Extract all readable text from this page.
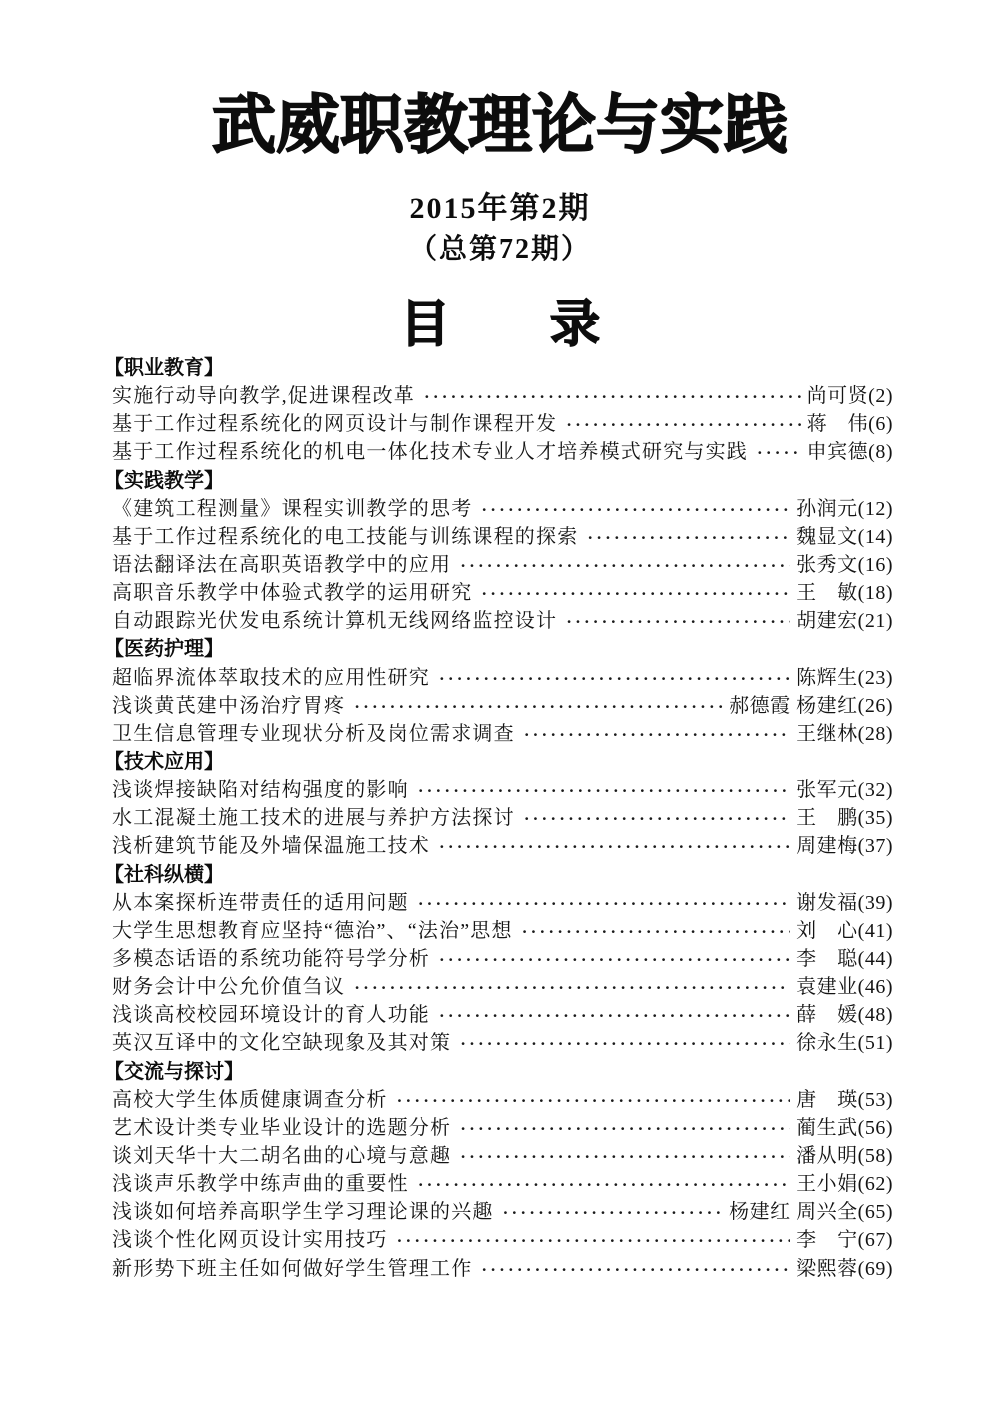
武威职教理论与实践
2015年第2期
（总第72期）
目　　录
【职业教育】
实施行动导向教学,促进课程改革 ·····	尚可贤 (2)
基于工作过程系统化的网页设计与制作课程开发 ·····	蒋　伟 (6)
基于工作过程系统化的机电一体化技术专业人才培养模式研究与实践 ·····	申宾德 (8)
【实践教学】
《建筑工程测量》课程实训教学的思考 ·····	孙润元 (12)
基于工作过程系统化的电工技能与训练课程的探索 ·····	魏显文 (14)
语法翻译法在高职英语教学中的应用 ·····	张秀文 (16)
高职音乐教学中体验式教学的运用研究 ·····	王　敏 (18)
自动跟踪光伏发电系统计算机无线网络监控设计 ·····	胡建宏 (21)
【医药护理】
超临界流体萃取技术的应用性研究 ·····	陈辉生 (23)
浅谈黄芪建中汤治疗胃疼 ·····	郝德霞 杨建红 (26)
卫生信息管理专业现状分析及岗位需求调查 ·····	王继林 (28)
【技术应用】
浅谈焊接缺陷对结构强度的影响 ·····	张军元 (32)
水工混凝土施工技术的进展与养护方法探讨 ·····	王　鹏 (35)
浅析建筑节能及外墙保温施工技术 ·····	周建梅 (37)
【社科纵横】
从本案探析连带责任的适用问题 ·····	谢发福 (39)
大学生思想教育应坚持“德治”、“法治”思想 ·····	刘　心 (41)
多模态话语的系统功能符号学分析 ·····	李　聪 (44)
财务会计中公允价值刍议 ·····	袁建业 (46)
浅谈高校校园环境设计的育人功能 ·····	薛　媛 (48)
英汉互译中的文化空缺现象及其对策 ·····	徐永生 (51)
【交流与探讨】
高校大学生体质健康调查分析 ·····	唐　瑛 (53)
艺术设计类专业毕业设计的选题分析 ·····	蔺生武 (56)
谈刘天华十大二胡名曲的心境与意趣 ·····	潘从明 (58)
浅谈声乐教学中练声曲的重要性 ·····	王小娟 (62)
浅谈如何培养高职学生学习理论课的兴趣 ·····	杨建红 周兴全 (65)
浅谈个性化网页设计实用技巧 ·····	李　宁 (67)
新形势下班主任如何做好学生管理工作 ·····	梁熙蓉 (69)
